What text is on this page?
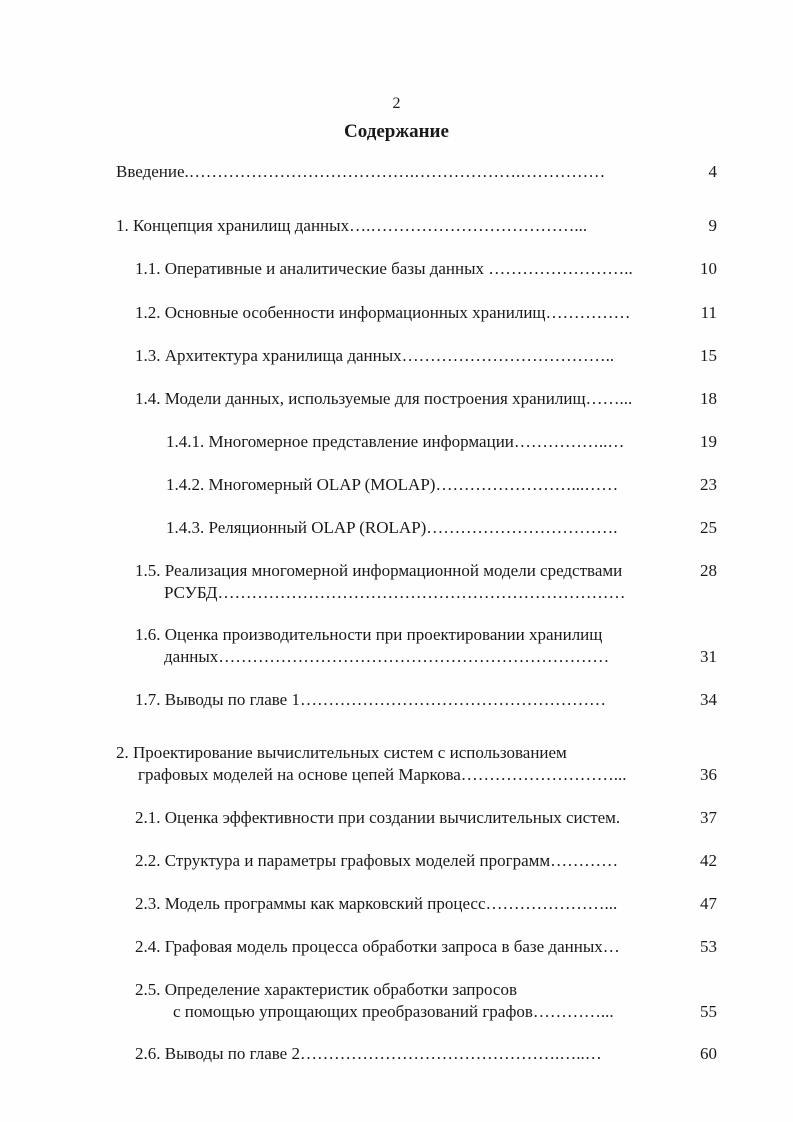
2
Содержание
Введение.………………………………….……………….……………	4
1. Концепция хранилищ данных….………………………………...	9
1.1. Оперативные и аналитические базы данных ……………………..	10
1.2. Основные особенности информационных хранилищ……………	11
1.3. Архитектура хранилища данных………………………………..	15
1.4. Модели данных, используемые для построения хранилищ……...	18
1.4.1. Многомерное представление информации……………..…	19
1.4.2. Многомерный OLAP (MOLAP)……………………...……	23
1.4.3. Реляционный OLAP (ROLAP)…………………………….	25
1.5. Реализация многомерной информационной модели средствами	28
РСУБД………………………………………………………………
1.6. Оценка производительности при проектировании хранилищ
данных……………………………………………………………	31
1.7. Выводы по главе 1………………………………………………	34
2. Проектирование вычислительных систем с использованием
графовых моделей на основе цепей Маркова………………………...	36
2.1. Оценка эффективности при создании вычислительных систем.	37
2.2. Структура и параметры графовых моделей программ…………	42
2.3. Модель программы как марковский процесс…………………...	47
2.4. Графовая модель процесса обработки запроса в базе данных…	53
2.5. Определение характеристик обработки запросов
с помощью упрощающих преобразований графов…………...	55
2.6. Выводы по главе 2……………………………………….…..…	60
